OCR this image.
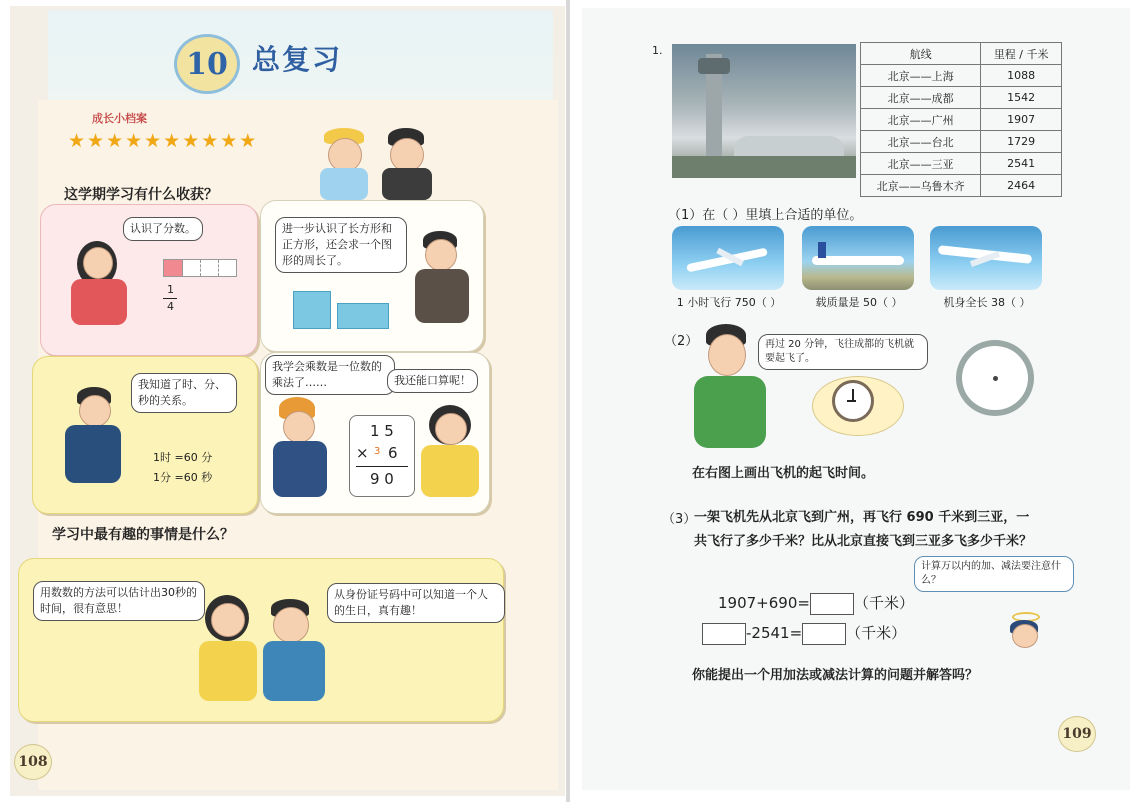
10 总复习
成长小档案
★★★★★★★★★★
这学期学习有什么收获？
认识了分数。
1
4
进一步认识了长方形和正方形，还会求一个图形的周长了。
我知道了时、分、秒的关系。
1时 =60 分
1分 =60 秒
我学会乘数是一位数的乘法了……	我还能口算呢！
1 5
× 3 6
9 0
学习中最有趣的事情是什么？
用数数的方法可以估计出30秒的时间，很有意思！
从身份证号码中可以知道一个人的生日，真有趣！
108
1.	航线	里程 / 千米
北京——上海	1088
北京——成都	1542
北京——广州	1907
北京——台北	1729
北京——三亚	2541
北京——乌鲁木齐	2464
（1）在（ ）里填上合适的单位。
1 小时飞行 750（ ）	载质量是 50（ ）	机身全长 38（ ）
（2）	再过 20 分钟，飞往成都的飞机就要起飞了。
在右图上画出飞机的起飞时间。
（3）
一架飞机先从北京飞到广州，再飞行 690 千米到三亚，一
共飞行了多少千米？比从北京直接飞到三亚多飞多少千米？
计算万以内的加、减法要注意什么？
1907+690=	（千米）
-2541=	（千米）
你能提出一个用加法或减法计算的问题并解答吗？
109
